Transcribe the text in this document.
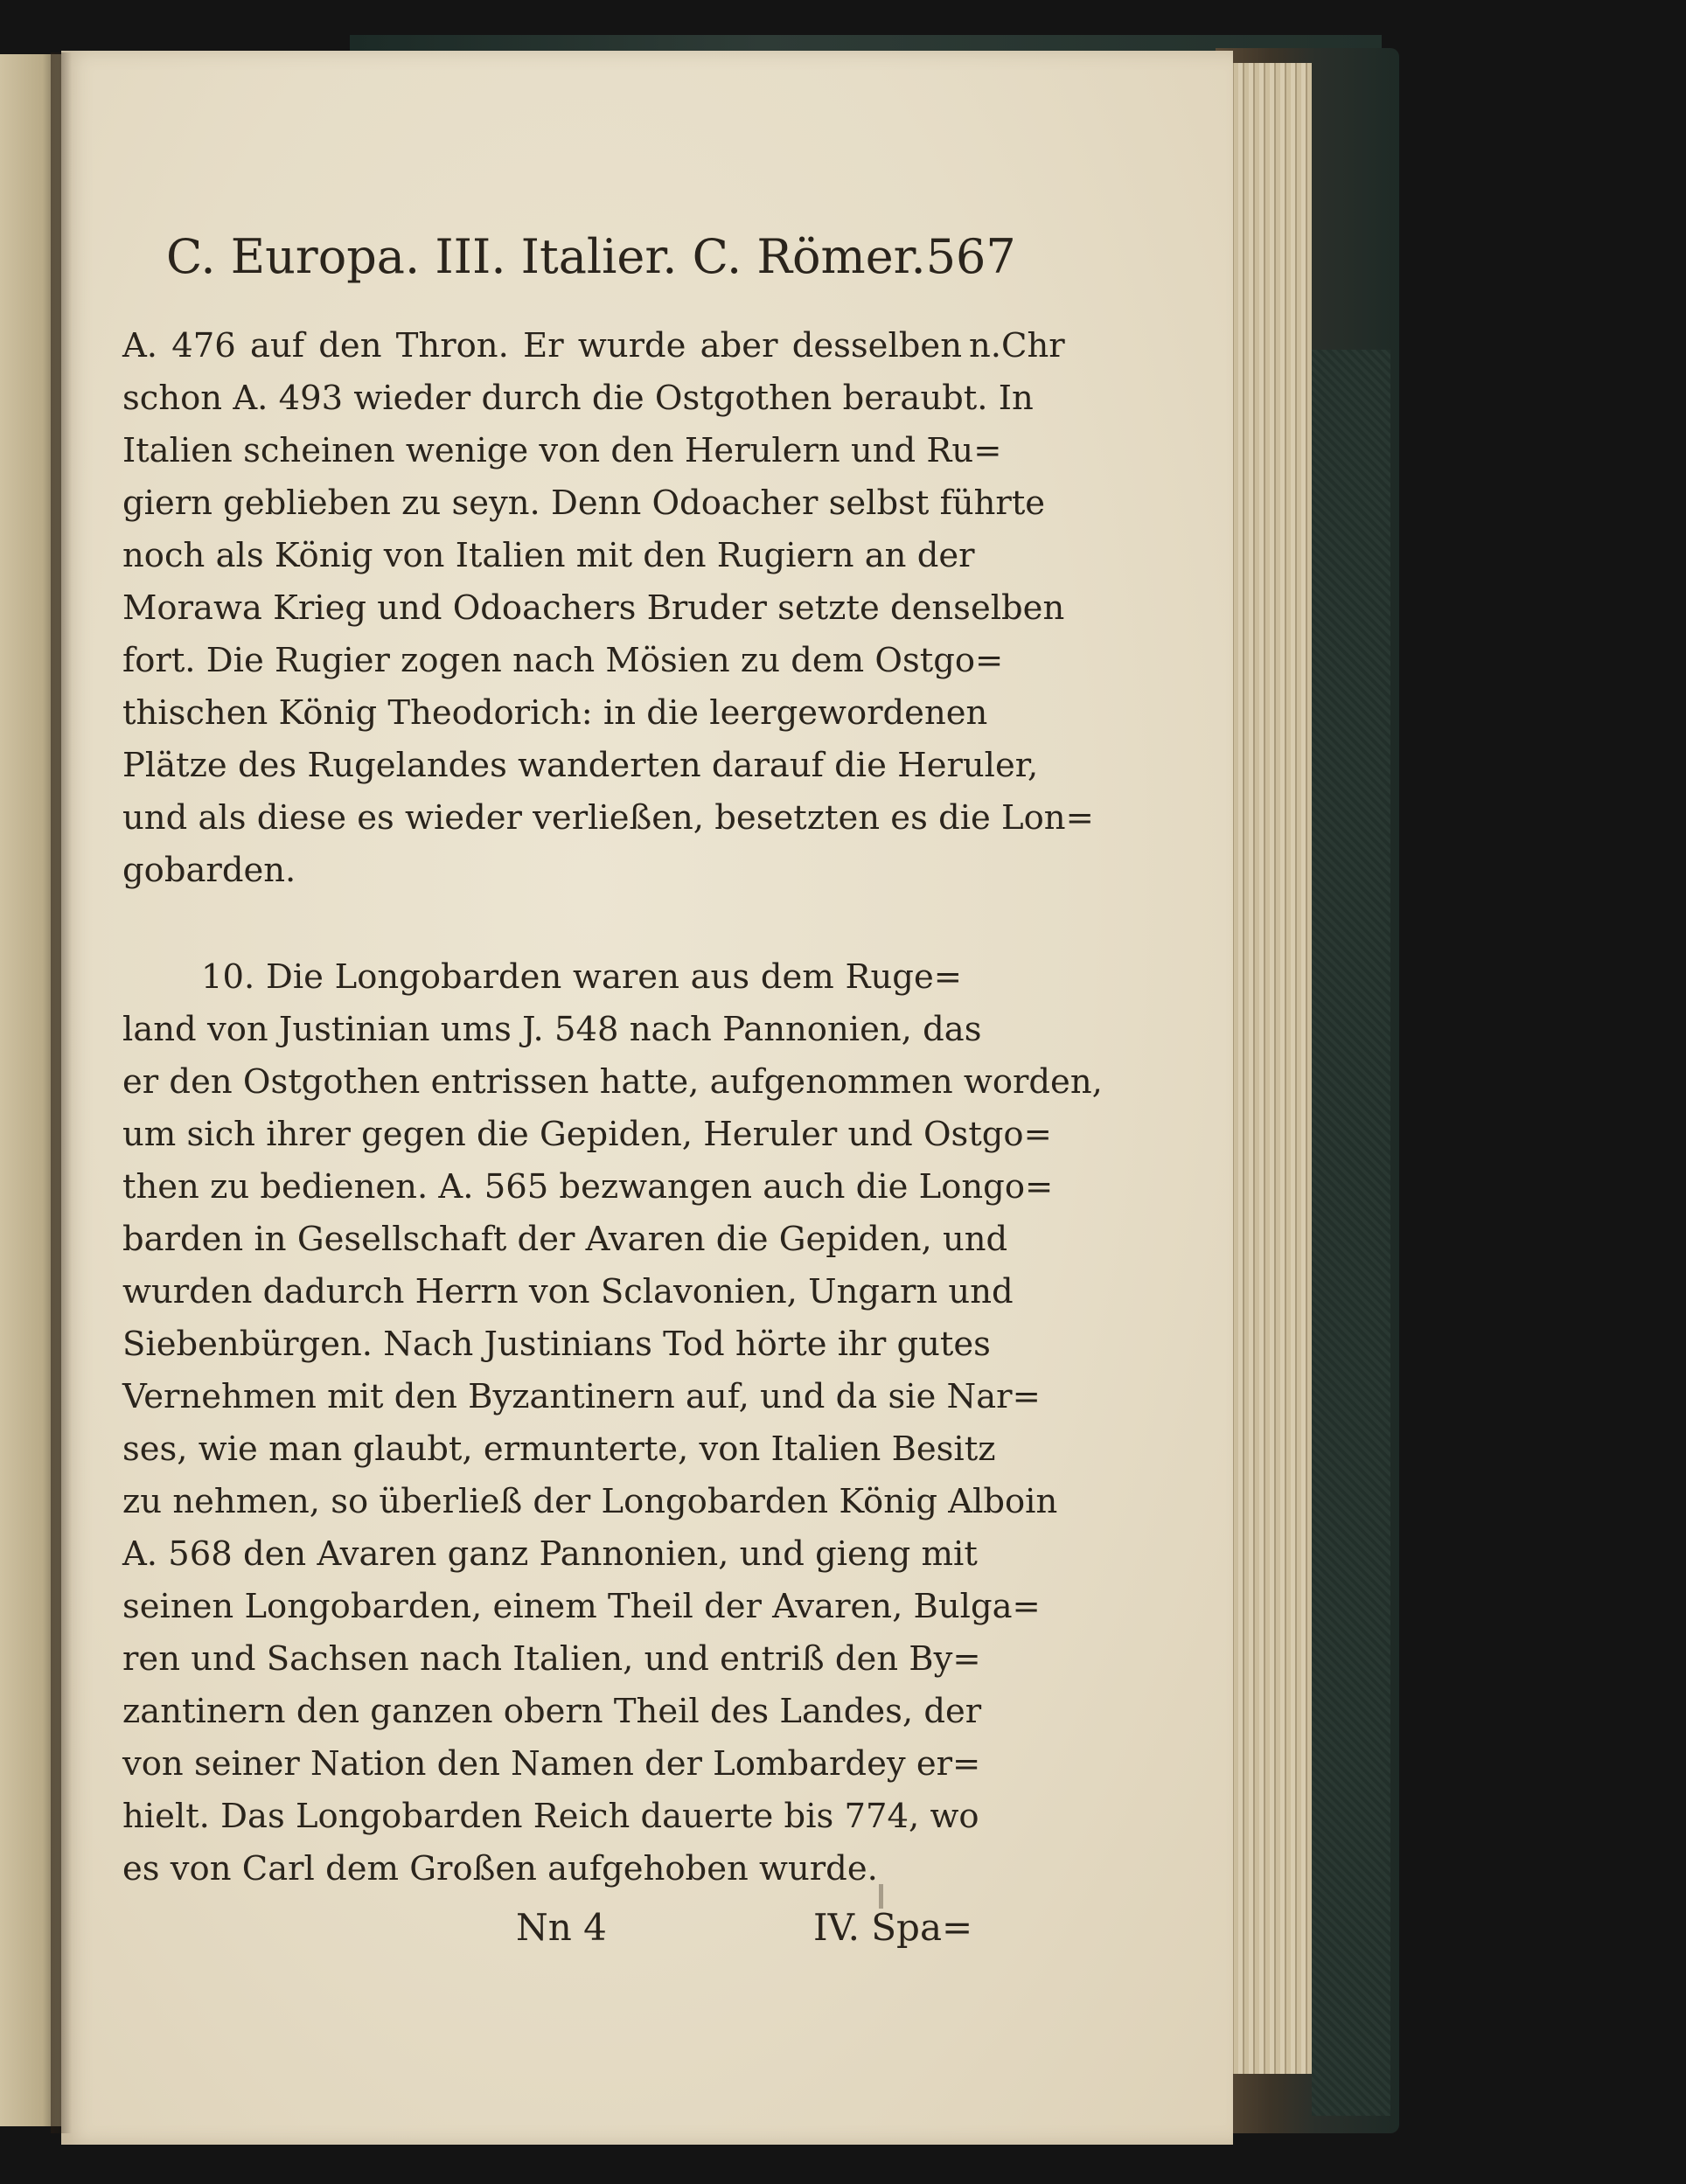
C. Europa. III. Italier. C. Römer. 567
n.Chr
A. 476 auf den Thron. Er wurde aber desselben
schon A. 493 wieder durch die Ostgothen beraubt. In
Italien scheinen wenige von den Herulern und Ru=
giern geblieben zu seyn. Denn Odoacher selbst führte
noch als König von Italien mit den Rugiern an der
Morawa Krieg und Odoachers Bruder setzte denselben
fort. Die Rugier zogen nach Mösien zu dem Ostgo=
thischen König Theodorich: in die leergewordenen
Plätze des Rugelandes wanderten darauf die Heruler,
und als diese es wieder verließen, besetzten es die Lon=
gobarden.
10. Die Longobarden waren aus dem Ruge=
land von Justinian ums J. 548 nach Pannonien, das
er den Ostgothen entrissen hatte, aufgenommen worden,
um sich ihrer gegen die Gepiden, Heruler und Ostgo=
then zu bedienen. A. 565 bezwangen auch die Longo=
barden in Gesellschaft der Avaren die Gepiden, und
wurden dadurch Herrn von Sclavonien, Ungarn und
Siebenbürgen. Nach Justinians Tod hörte ihr gutes
Vernehmen mit den Byzantinern auf, und da sie Nar=
ses, wie man glaubt, ermunterte, von Italien Besitz
zu nehmen, so überließ der Longobarden König Alboin
A. 568 den Avaren ganz Pannonien, und gieng mit
seinen Longobarden, einem Theil der Avaren, Bulga=
ren und Sachsen nach Italien, und entriß den By=
zantinern den ganzen obern Theil des Landes, der
von seiner Nation den Namen der Lombardey er=
hielt. Das Longobarden Reich dauerte bis 774, wo
es von Carl dem Großen aufgehoben wurde.
Nn 4	IV. Spa=
